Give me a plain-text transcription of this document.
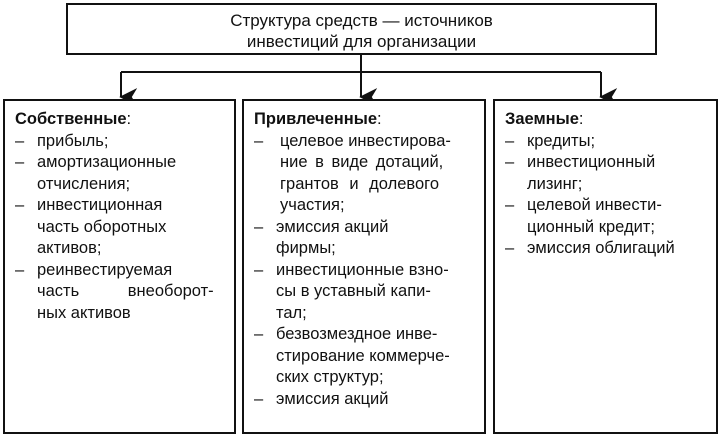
Структура средств — источников
инвестиций для организации
Собственные:
– прибыль;
– амортизационные
отчисления;
– инвестиционная
часть оборотных
активов;
– реинвестируемая
часть внеоборот-
ных активов
Привлеченные:
– целевое инвестирова-
ние в виде дотаций,
грантов и долевого
участия;
– эмиссия акций
фирмы;
– инвестиционные взно-
сы в уставный капи-
тал;
– безвозмездное инве-
стирование коммерче-
ских структур;
– эмиссия акций
Заемные:
– кредиты;
– инвестиционный
лизинг;
– целевой инвести-
ционный кредит;
– эмиссия облигаций
